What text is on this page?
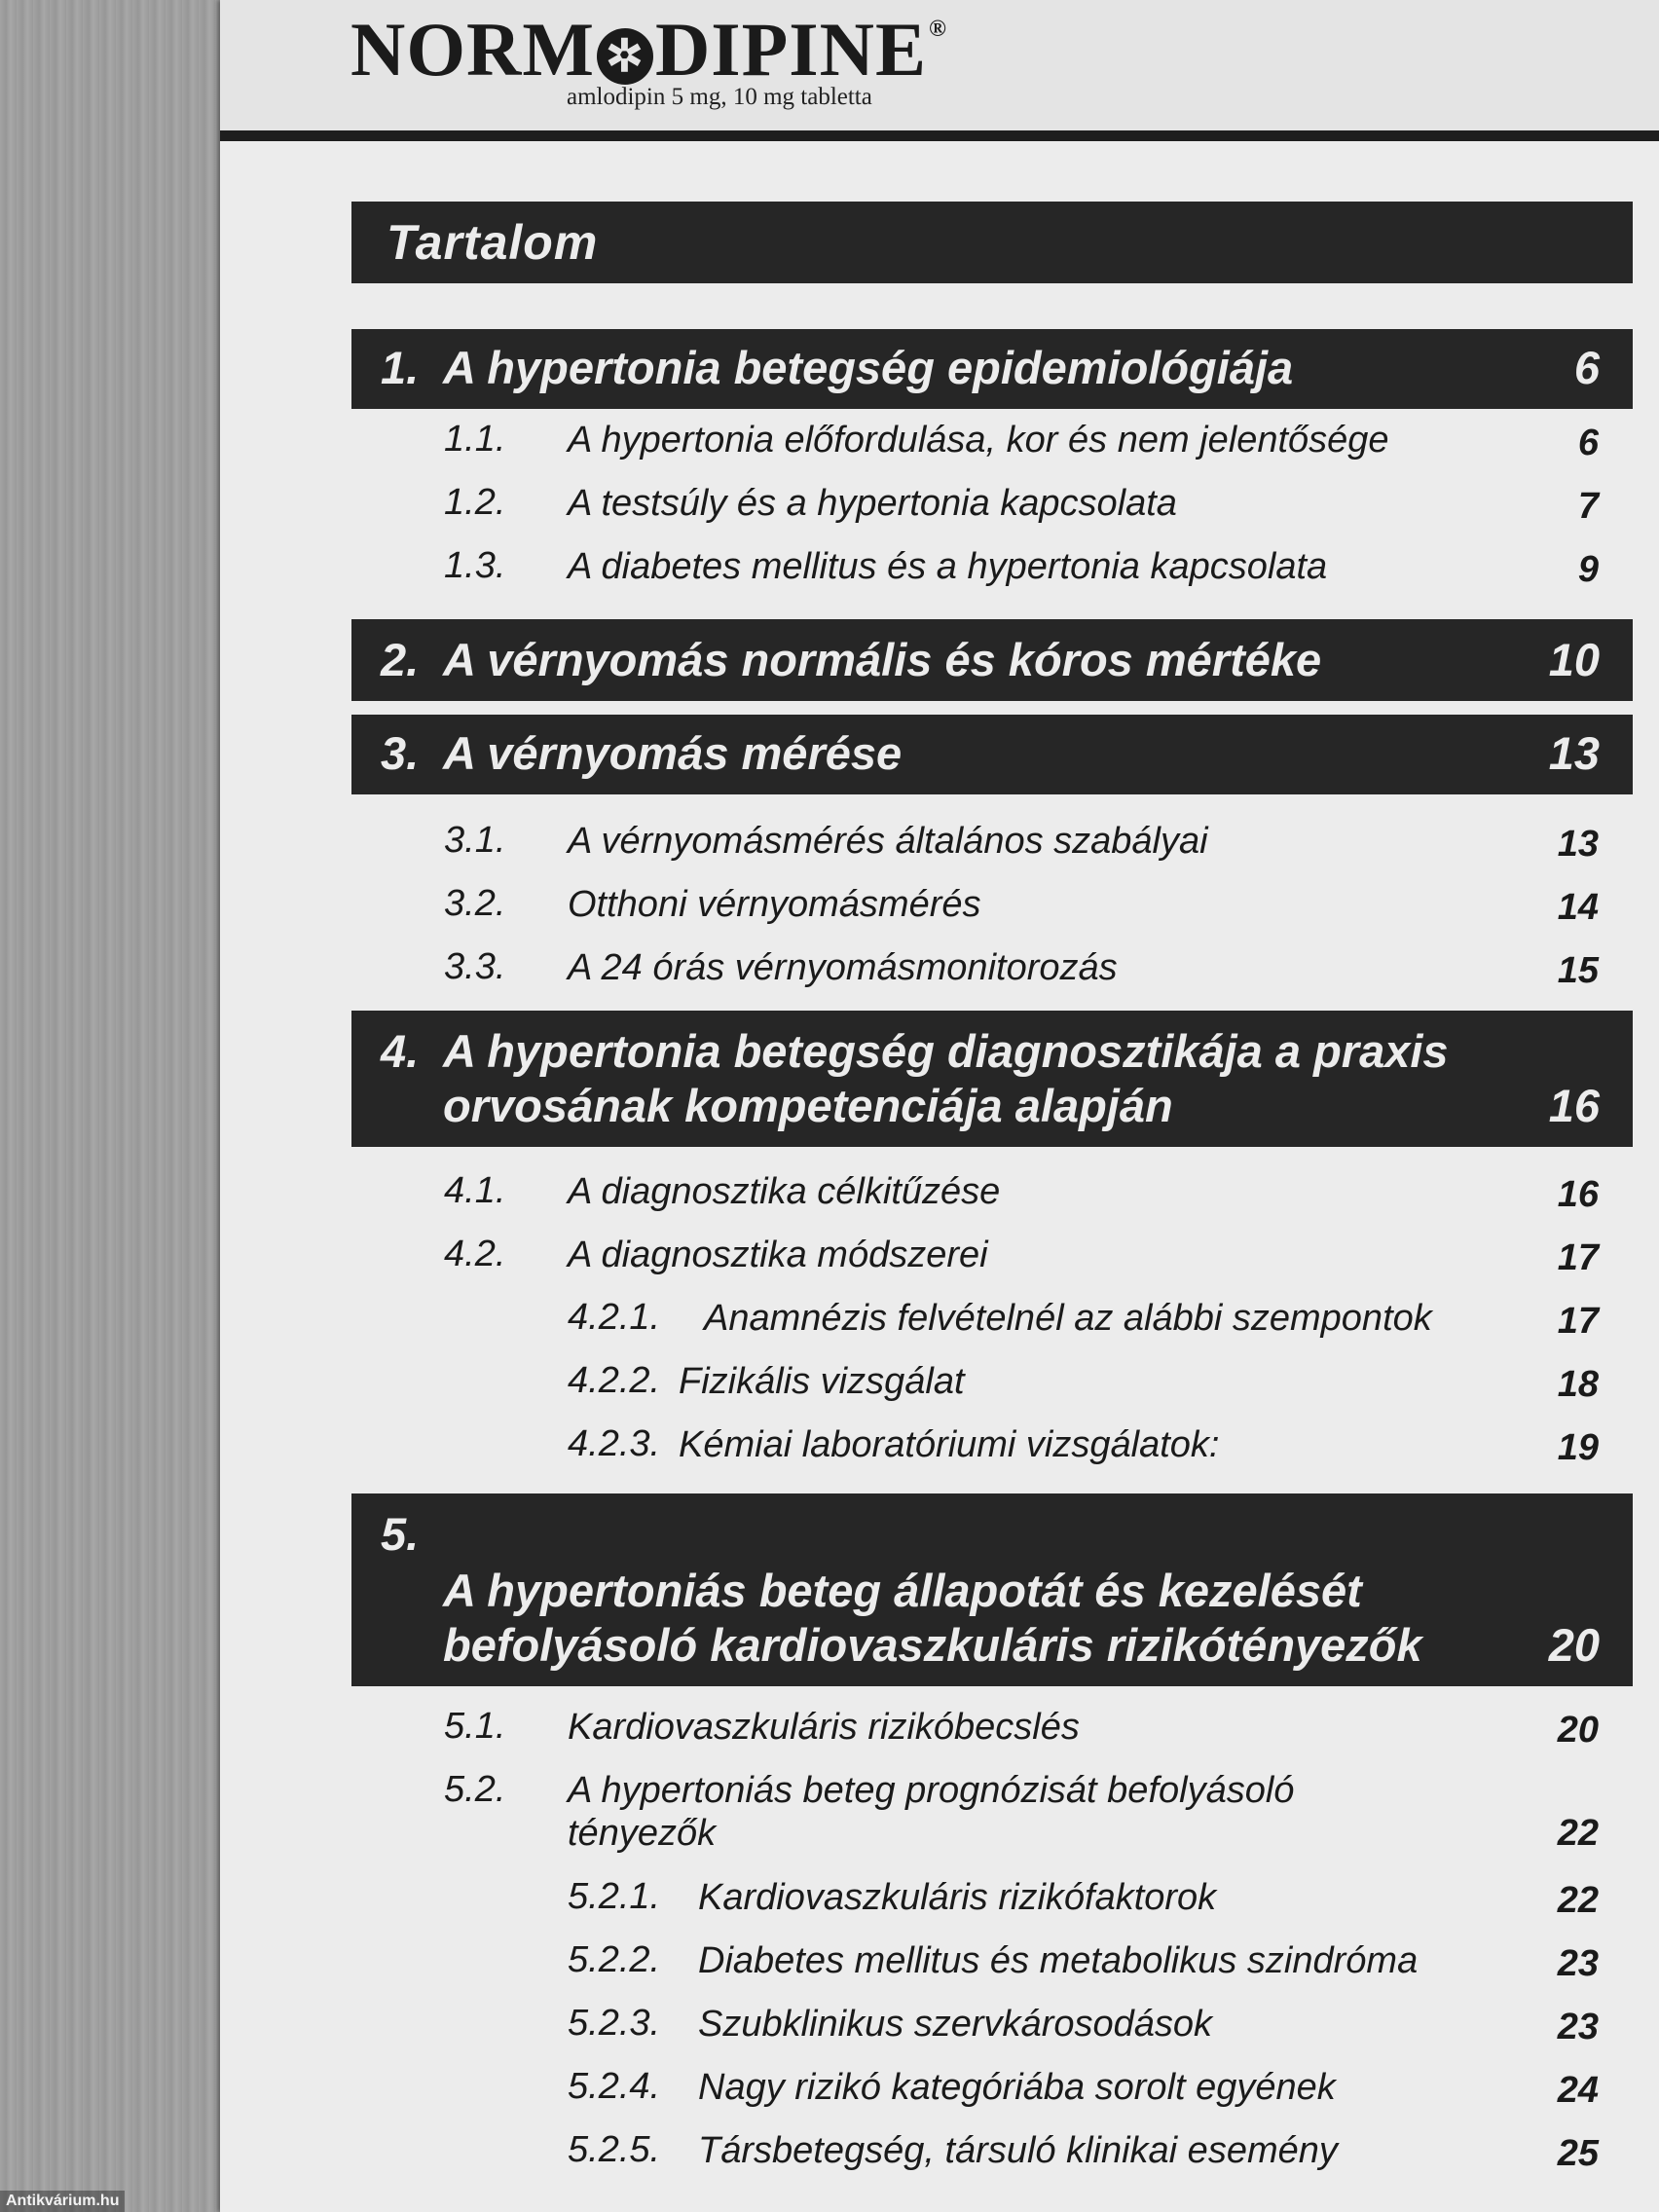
NORM ✲ DIPINE®
amlodipin 5 mg, 10 mg tabletta
Tartalom
1. A hypertonia betegség epidemiológiája	6
1.1. A hypertonia előfordulása, kor és nem jelentősége	6
1.2. A testsúly és a hypertonia kapcsolata	7
1.3. A diabetes mellitus és a hypertonia kapcsolata	9
2. A vérnyomás normális és kóros mértéke	10
3. A vérnyomás mérése	13
3.1. A vérnyomásmérés általános szabályai	13
3.2. Otthoni vérnyomásmérés	14
3.3. A 24 órás vérnyomásmonitorozás	15
4. A hypertonia betegség diagnosztikája a praxis orvosának kompetenciája alapján	16
4.1. A diagnosztika célkitűzése	16
4.2. A diagnosztika módszerei	17
4.2.1. Anamnézis felvételnél az alábbi szempontok	17
4.2.2. Fizikális vizsgálat	18
4.2.3. Kémiai laboratóriumi vizsgálatok:	19
5.
A hypertoniás beteg állapotát és kezelését befolyásoló kardiovaszkuláris rizikótényezők	20
5.1. Kardiovaszkuláris rizikóbecslés	20
5.2. A hypertoniás beteg prognózisát befolyásoló tényezők	22
5.2.1. Kardiovaszkuláris rizikófaktorok	22
5.2.2. Diabetes mellitus és metabolikus szindróma	23
5.2.3. Szubklinikus szervkárosodások	23
5.2.4. Nagy rizikó kategóriába sorolt egyének	24
5.2.5. Társbetegség, társuló klinikai esemény	25
Antikvárium.hu
